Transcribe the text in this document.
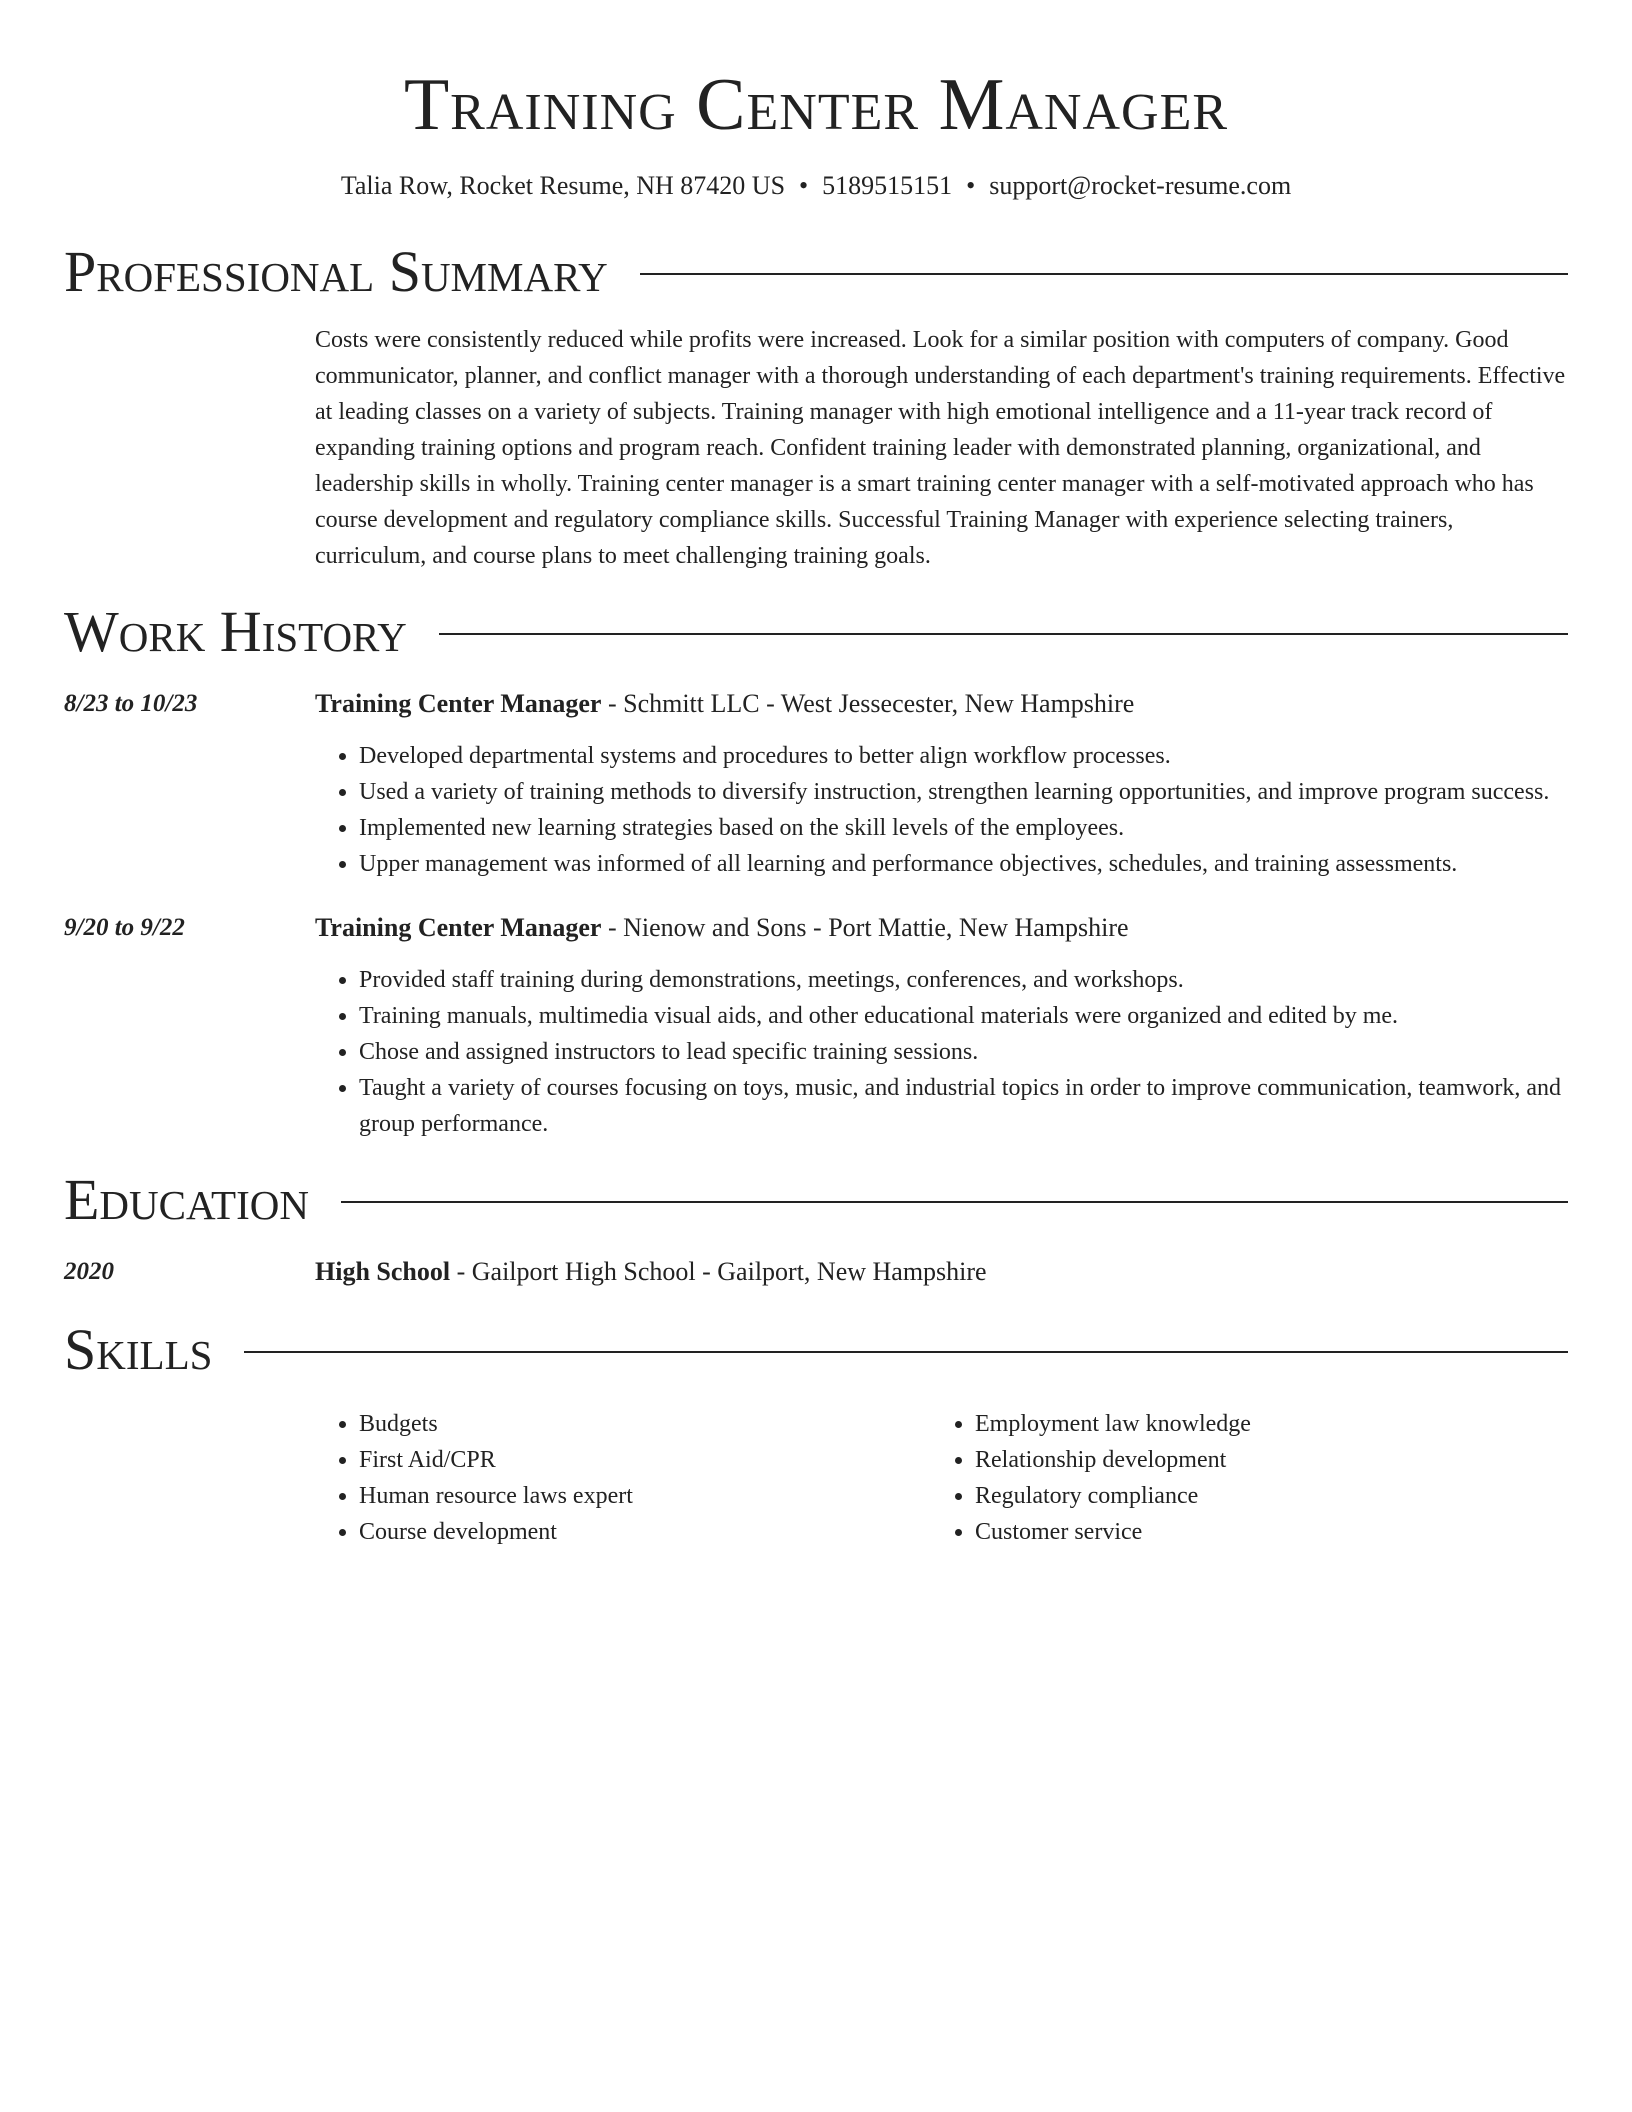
Training Center Manager
Talia Row, Rocket Resume, NH 87420 US • 5189515151 • support@rocket-resume.com
Professional Summary
Costs were consistently reduced while profits were increased. Look for a similar position with computers of company. Good communicator, planner, and conflict manager with a thorough understanding of each department's training requirements. Effective at leading classes on a variety of subjects. Training manager with high emotional intelligence and a 11-year track record of expanding training options and program reach. Confident training leader with demonstrated planning, organizational, and leadership skills in wholly. Training center manager is a smart training center manager with a self-motivated approach who has course development and regulatory compliance skills. Successful Training Manager with experience selecting trainers, curriculum, and course plans to meet challenging training goals.
Work History
8/23 to 10/23	Training Center Manager - Schmitt LLC - West Jessecester, New Hampshire
• Developed departmental systems and procedures to better align workflow processes.
• Used a variety of training methods to diversify instruction, strengthen learning opportunities, and improve program success.
• Implemented new learning strategies based on the skill levels of the employees.
• Upper management was informed of all learning and performance objectives, schedules, and training assessments.
9/20 to 9/22	Training Center Manager - Nienow and Sons - Port Mattie, New Hampshire
• Provided staff training during demonstrations, meetings, conferences, and workshops.
• Training manuals, multimedia visual aids, and other educational materials were organized and edited by me.
• Chose and assigned instructors to lead specific training sessions.
• Taught a variety of courses focusing on toys, music, and industrial topics in order to improve communication, teamwork, and group performance.
Education
2020	High School - Gailport High School - Gailport, New Hampshire
Skills
• Budgets
• First Aid/CPR
• Human resource laws expert
• Course development
• Employment law knowledge
• Relationship development
• Regulatory compliance
• Customer service
